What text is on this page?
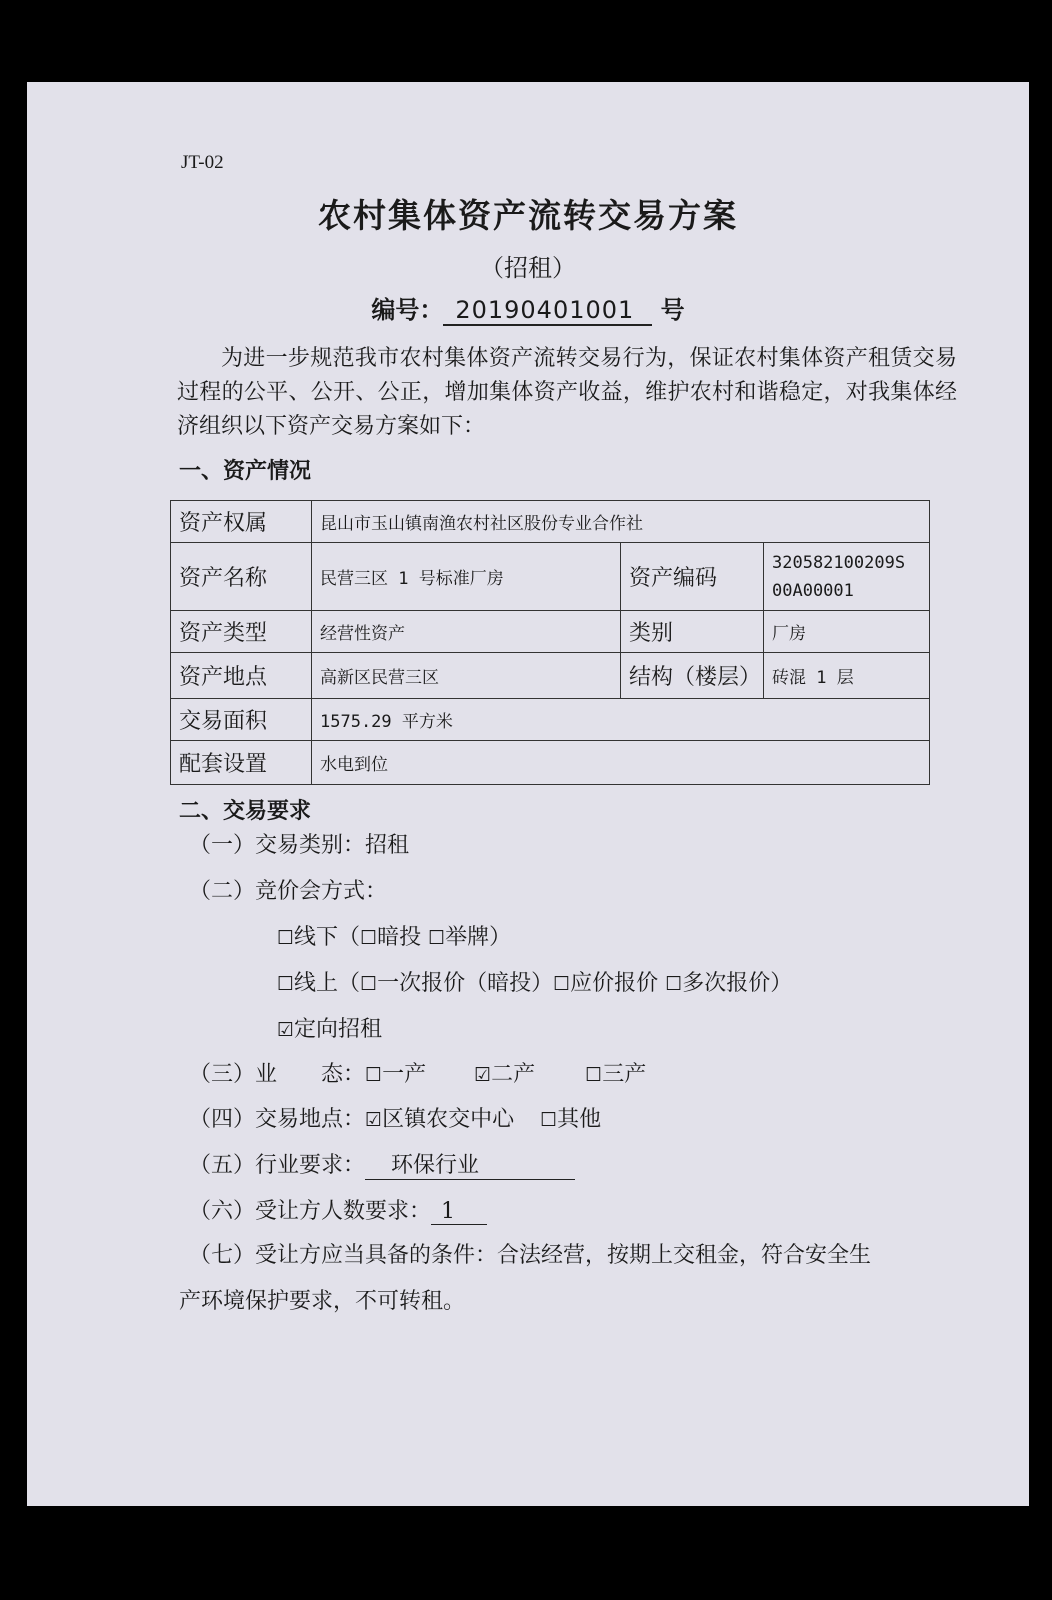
JT-02
农村集体资产流转交易方案
（招租）
编号： 20190401001 号
为进一步规范我市农村集体资产流转交易行为，保证农村集体资产租赁交易过程的公平、公开、公正，增加集体资产收益，维护农村和谐稳定，对我集体经济组织以下资产交易方案如下：
一、资产情况
资产权属	昆山市玉山镇南渔农村社区股份专业合作社		
资产名称	民营三区 1 号标准厂房	资产编码	320582100209S
00A00001

资产类型	经营性资产	类别	厂房
资产地点	高新区民营三区	结构（楼层）	砖混 1 层
交易面积	1575.29 平方米		
配套设置	水电到位		
二、交易要求
（一）交易类别：招租
（二）竞价会方式：
☐线下（☐暗投 ☐举牌）
☐线上（☐一次报价（暗投）☐应价报价 ☐多次报价）
☑定向招租
（三）业 态：☐一产	☑二产	☐三产
（四）交易地点：☑区镇农交中心 ☐其他
（五）行业要求： 环保行业
（六）受让方人数要求： 1
（七）受让方应当具备的条件：合法经营，按期上交租金，符合安全生
产环境保护要求，不可转租。
